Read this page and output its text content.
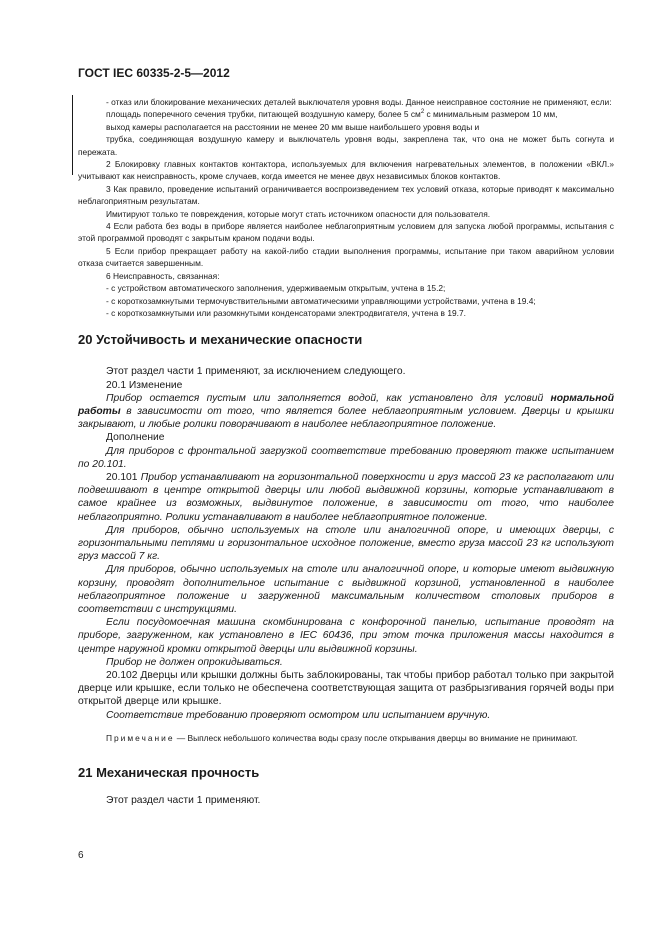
ГОСТ IEC 60335-2-5—2012

- отказ или блокирование механических деталей выключателя уровня воды. Данное неисправное состояние не применяют, если:

площадь поперечного сечения трубки, питающей воздушную камеру, более 5 $см^2$ с минимальным размером 10 мм,

выход камеры располагается на расстоянии не менее 20 мм выше наибольшего уровня воды и

трубка, соединяющая воздушную камеру и выключатель уровня воды, закреплена так, что она не может быть согнута и пережата.

2 Блокировку главных контактов контактора, используемых для включения нагревательных элементов, в положении «ВКЛ.» учитывают как неисправность, кроме случаев, когда имеется не менее двух независимых блоков контактов.

3 Как правило, проведение испытаний ограничивается воспроизведением тех условий отказа, которые приводят к максимально неблагоприятным результатам.

Имитируют только те повреждения, которые могут стать источником опасности для пользователя.

4 Если работа без воды в приборе является наиболее неблагоприятным условием для запуска любой программы, испытания с этой программой проводят с закрытым краном подачи воды.

5 Если прибор прекращает работу на какой-либо стадии выполнения программы, испытание при таком аварийном условии отказа считается завершенным.

6 Неисправность, связанная:

- с устройством автоматического заполнения, удерживаемым открытым, учтена в 15.2;

- с короткозамкнутыми термочувствительными автоматическими управляющими устройствами, учтена в 19.4;

- с короткозамкнутыми или разомкнутыми конденсаторами электродвигателя, учтена в 19.7.

20 Устойчивость и механические опасности

Этот раздел части 1 применяют, за исключением следующего.

20.1 Изменение

Прибор остается пустым или заполняется водой, как установлено для условий нормальной работы в зависимости от того, что является более неблагоприятным условием. Дверцы и крышки закрывают, и любые ролики поворачивают в наиболее неблагоприятное положение.

Дополнение

Для приборов с фронтальной загрузкой соответствие требованию проверяют также испытанием по 20.101.

20.101 Прибор устанавливают на горизонтальной поверхности и груз массой 23 кг располагают или подвешивают в центре открытой дверцы или любой выдвижной корзины, которые устанавливают в самое крайнее из возможных, выдвинутое положение, в зависимости от того, что наиболее неблагоприятно. Ролики устанавливают в наиболее неблагоприятное положение.

Для приборов, обычно используемых на столе или аналогичной опоре, и имеющих дверцы, с горизонтальными петлями и горизонтальное исходное положение, вместо груза массой 23 кг используют груз массой 7 кг.

Для приборов, обычно используемых на столе или аналогичной опоре, и которые имеют выдвижную корзину, проводят дополнительное испытание с выдвижной корзиной, установленной в наиболее неблагоприятное положение и загруженной максимальным количеством столовых приборов в соответствии с инструкциями.

Если посудомоечная машина скомбинирована с конфорочной панелью, испытание проводят на приборе, загруженном, как установлено в IEC 60436, при этом точка приложения массы находится в центре наружной кромки открытой дверцы или выдвижной корзины.

Прибор не должен опрокидываться.

20.102 Дверцы или крышки должны быть заблокированы, так чтобы прибор работал только при закрытой дверце или крышке, если только не обеспечена соответствующая защита от разбрызгивания горячей воды при открытой дверце или крышке.

Соответствие требованию проверяют осмотром или испытанием вручную.

Примечание — Выплеск небольшого количества воды сразу после открывания дверцы во внимание не принимают.

21 Механическая прочность

Этот раздел части 1 применяют.

6
